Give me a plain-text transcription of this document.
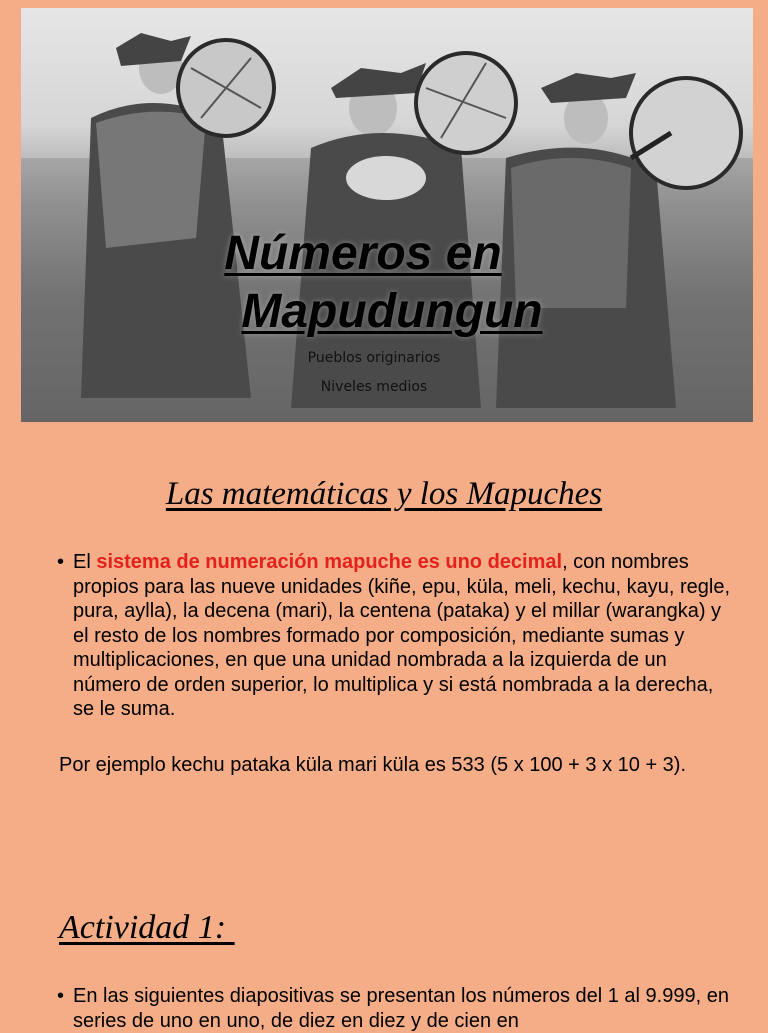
Números en
Mapudungun
Pueblos originarios
Niveles medios
Las matemáticas y los Mapuches
• El sistema de numeración mapuche es uno decimal, con nombres propios para las nueve unidades (kiñe, epu, küla, meli, kechu, kayu, regle, pura, aylla), la decena (mari), la centena (pataka) y el millar (warangka) y el resto de los nombres formado por composición, mediante sumas y multiplicaciones, en que una unidad nombrada a la izquierda de un número de orden superior, lo multiplica y si está nombrada a la derecha, se le suma.
Por ejemplo kechu pataka küla mari küla es 533 (5 x 100 + 3 x 10 + 3).
Actividad 1:
• En las siguientes diapositivas se presentan los números del 1 al 9.999, en series de uno en uno, de diez en diez y de cien en
